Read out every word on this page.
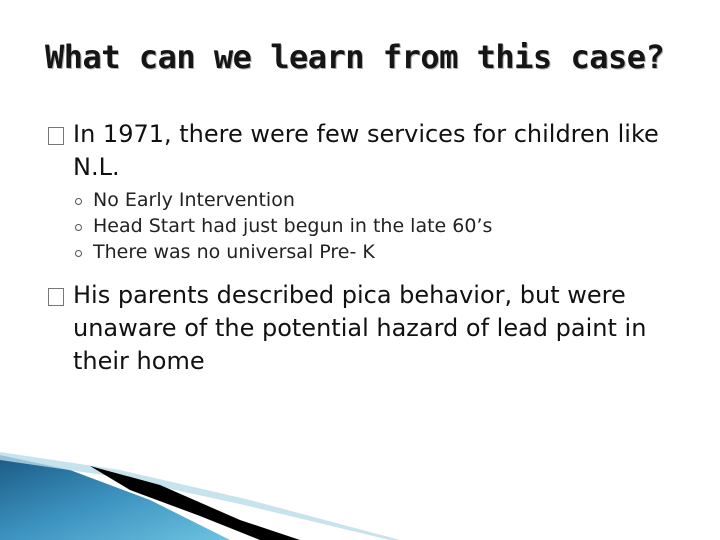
What can we learn from this case?
In 1971, there were few services for children like N.L.
No Early Intervention
Head Start had just begun in the late 60’s
There was no universal Pre- K
His parents described pica behavior, but were unaware of the potential hazard of lead paint in their home
